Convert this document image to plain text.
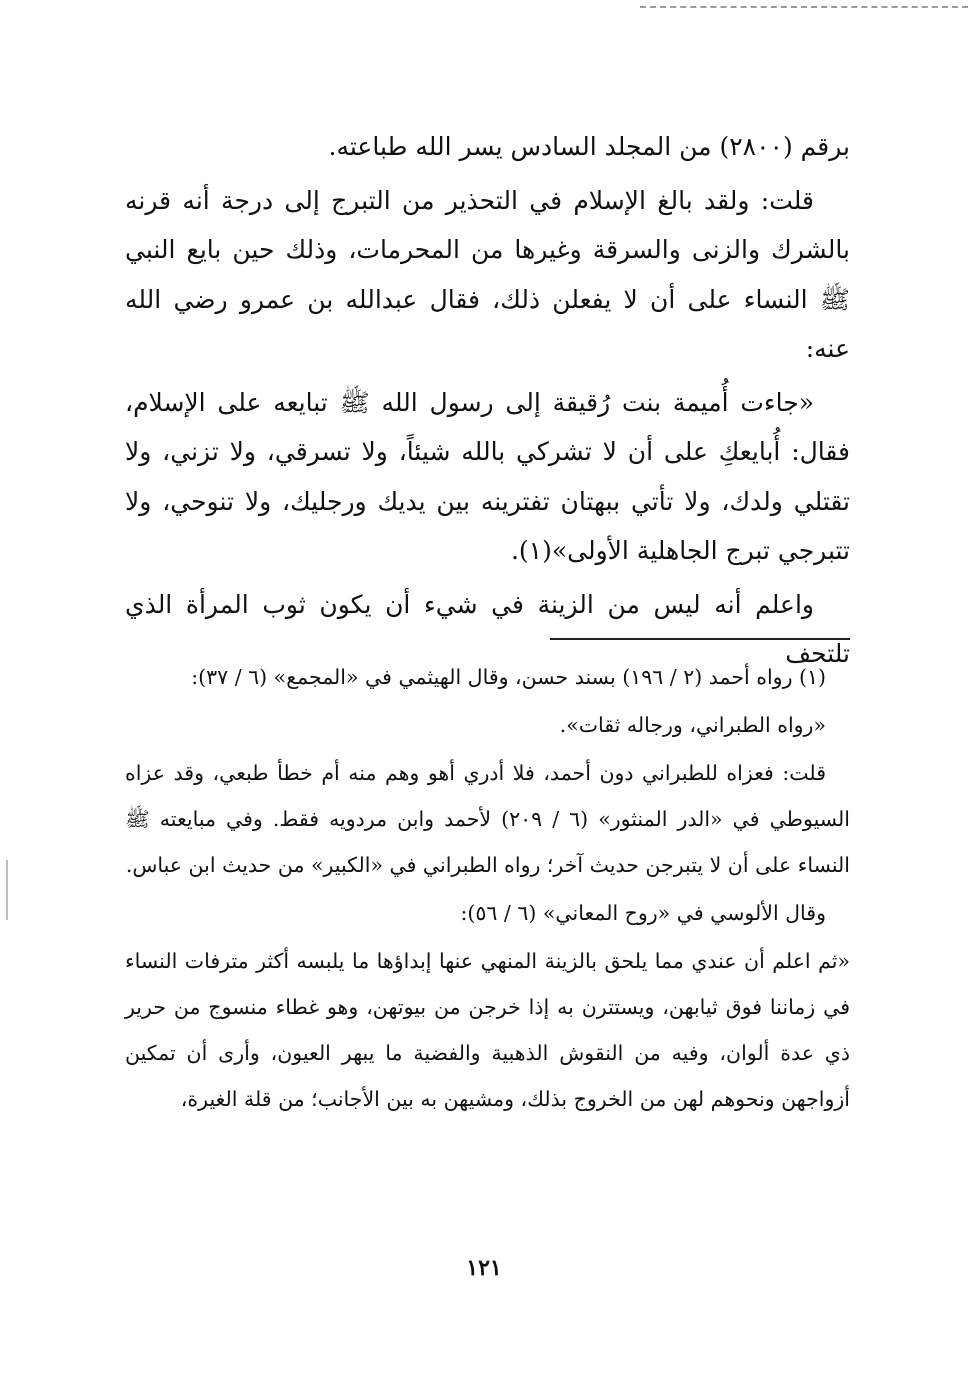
برقم (٢٨٠٠) من المجلد السادس يسر الله طباعته.

قلت: ولقد بالغ الإسلام في التحذير من التبرج إلى درجة أنه قرنه بالشرك والزنى والسرقة وغيرها من المحرمات، وذلك حين بايع النبي ﷺ النساء على أن لا يفعلن ذلك، فقال عبدالله بن عمرو رضي الله عنه:

«جاءت أُميمة بنت رُقيقة إلى رسول الله ﷺ تبايعه على الإسلام، فقال: أُبايعكِ على أن لا تشركي بالله شيئاً، ولا تسرقي، ولا تزني، ولا تقتلي ولدك، ولا تأتي ببهتان تفترينه بين يديك ورجليك، ولا تنوحي، ولا تتبرجي تبرج الجاهلية الأولى»(١).

واعلم أنه ليس من الزينة في شيء أن يكون ثوب المرأة الذي تلتحف

(١) رواه أحمد (٢ / ١٩٦) بسند حسن، وقال الهيثمي في «المجمع» (٦ / ٣٧):

«رواه الطبراني، ورجاله ثقات».

قلت: فعزاه للطبراني دون أحمد، فلا أدري أهو وهم منه أم خطأ طبعي، وقد عزاه السيوطي في «الدر المنثور» (٦ / ٢٠٩) لأحمد وابن مردويه فقط. وفي مبايعته ﷺ النساء على أن لا يتبرجن حديث آخر؛ رواه الطبراني في «الكبير» من حديث ابن عباس.

وقال الألوسي في «روح المعاني» (٦ / ٥٦):

«ثم اعلم أن عندي مما يلحق بالزينة المنهي عنها إبداؤها ما يلبسه أكثر مترفات النساء في زماننا فوق ثيابهن، ويستترن به إذا خرجن من بيوتهن، وهو غطاء منسوج من حرير ذي عدة ألوان، وفيه من النقوش الذهبية والفضية ما يبهر العيون، وأرى أن تمكين أزواجهن ونحوهم لهن من الخروج بذلك، ومشيهن به بين الأجانب؛ من قلة الغيرة،

١٢١
